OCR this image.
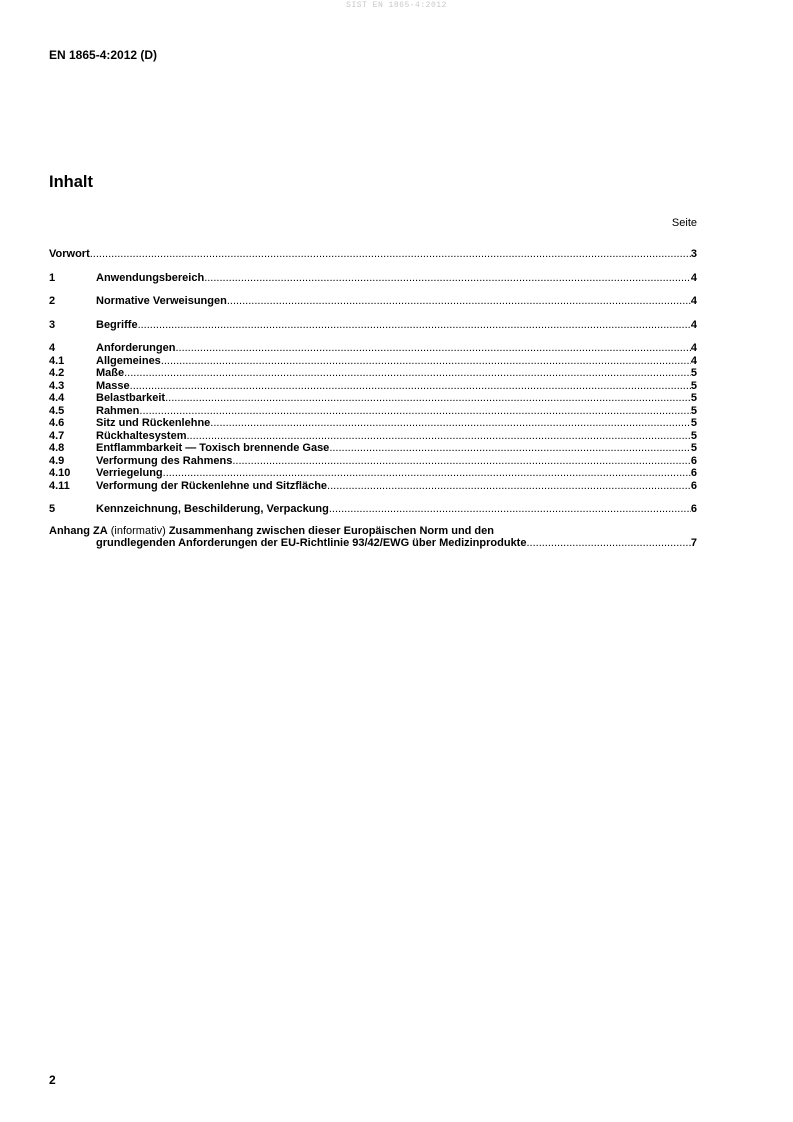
SIST EN 1865-4:2012
EN 1865-4:2012 (D)
Inhalt
Seite
Vorwort .....	3
1	Anwendungsbereich .....	4
2	Normative Verweisungen .....	4
3	Begriffe .....	4
4	Anforderungen .....	4
4.1	Allgemeines .....	4
4.2	Maße .....	5
4.3	Masse .....	5
4.4	Belastbarkeit .....	5
4.5	Rahmen .....	5
4.6	Sitz und Rückenlehne .....	5
4.7	Rückhaltesystem .....	5
4.8	Entflammbarkeit — Toxisch brennende Gase .....	5
4.9	Verformung des Rahmens .....	6
4.10	Verriegelung .....	6
4.11	Verformung der Rückenlehne und Sitzfläche .....	6
5	Kennzeichnung, Beschilderung, Verpackung .....	6
Anhang ZA (informativ) Zusammenhang zwischen dieser Europäischen Norm und den
grundlegenden Anforderungen der EU-Richtlinie 93/42/EWG über Medizinprodukte .....	7
2
